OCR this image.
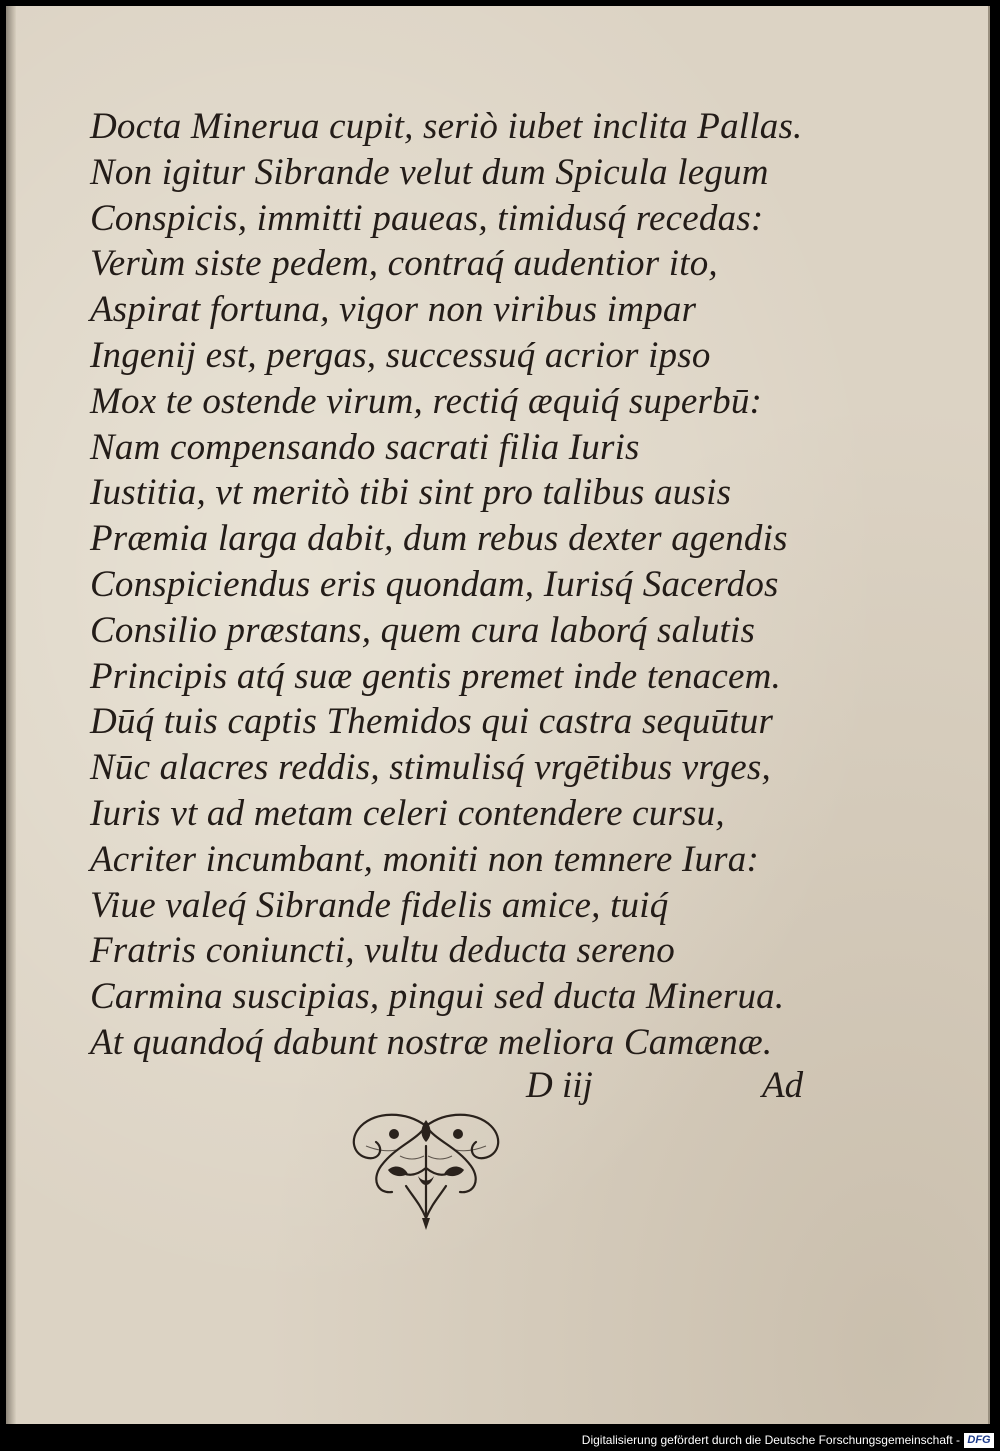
Docta Minerua cupit, seriò iubet inclita Pallas.
Non igitur Sibrande velut dum Spicula legum
Conspicis, immitti paueas, timidusq́ recedas:
Verùm siste pedem, contraq́ audentior ito,
Aspirat fortuna, vigor non viribus impar
Ingenij est, pergas, successuq́ acrior ipso
Mox te ostende virum, rectiq́ æquiq́ superbū:
Nam compensando sacrati filia Iuris
Iustitia, vt meritò tibi sint pro talibus ausis
Præmia larga dabit, dum rebus dexter agendis
Conspiciendus eris quondam, Iurisq́ Sacerdos
Consilio præstans, quem cura laborq́ salutis
Principis atq́ suæ gentis premet inde tenacem.
Dūq́ tuis captis Themidos qui castra sequūtur
Nūc alacres reddis, stimulisq́ vrgētibus vrges,
Iuris vt ad metam celeri contendere cursu,
Acriter incumbant, moniti non temnere Iura:
Viue valeq́ Sibrande fidelis amice, tuiq́
Fratris coniuncti, vultu deducta sereno
Carmina suscipias, pingui sed ducta Minerua.
At quandoq́ dabunt nostræ meliora Camænæ.
D iij	Ad
Digitalisierung gefördert durch die Deutsche Forschungsgemeinschaft - DFG
